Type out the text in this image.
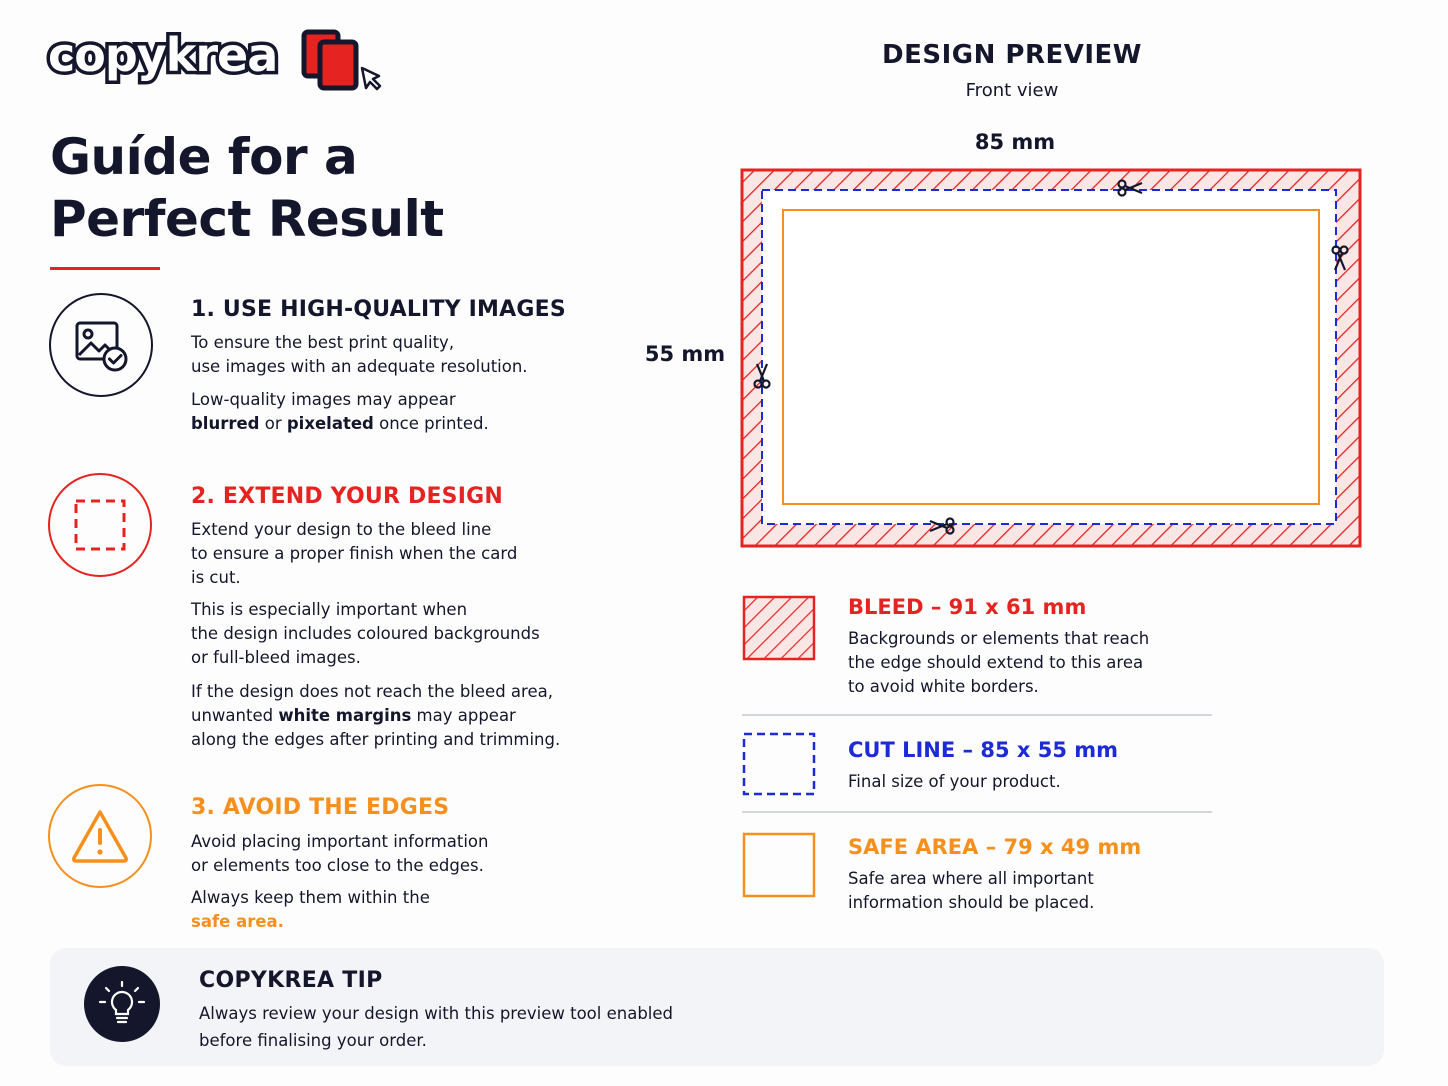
copykrea
Guíde for a
Perfect Result
1. USE HIGH-QUALITY IMAGES
To ensure the best print quality,
use images with an adequate resolution.
Low-quality images may appear
blurred or pixelated once printed.
2. EXTEND YOUR DESIGN
Extend your design to the bleed line
to ensure a proper finish when the card
is cut.
This is especially important when
the design includes coloured backgrounds
or full-bleed images.
If the design does not reach the bleed area,
unwanted white margins may appear
along the edges after printing and trimming.
3. AVOID THE EDGES
Avoid placing important information
or elements too close to the edges.
Always keep them within the
safe area.
DESIGN PREVIEW
Front view
85 mm
55 mm
BLEED – 91 x 61 mm
Backgrounds or elements that reach
the edge should extend to this area
to avoid white borders.
CUT LINE – 85 x 55 mm
Final size of your product.
SAFE AREA – 79 x 49 mm
Safe area where all important
information should be placed.
COPYKREA TIP
Always review your design with this preview tool enabled
before finalising your order.
